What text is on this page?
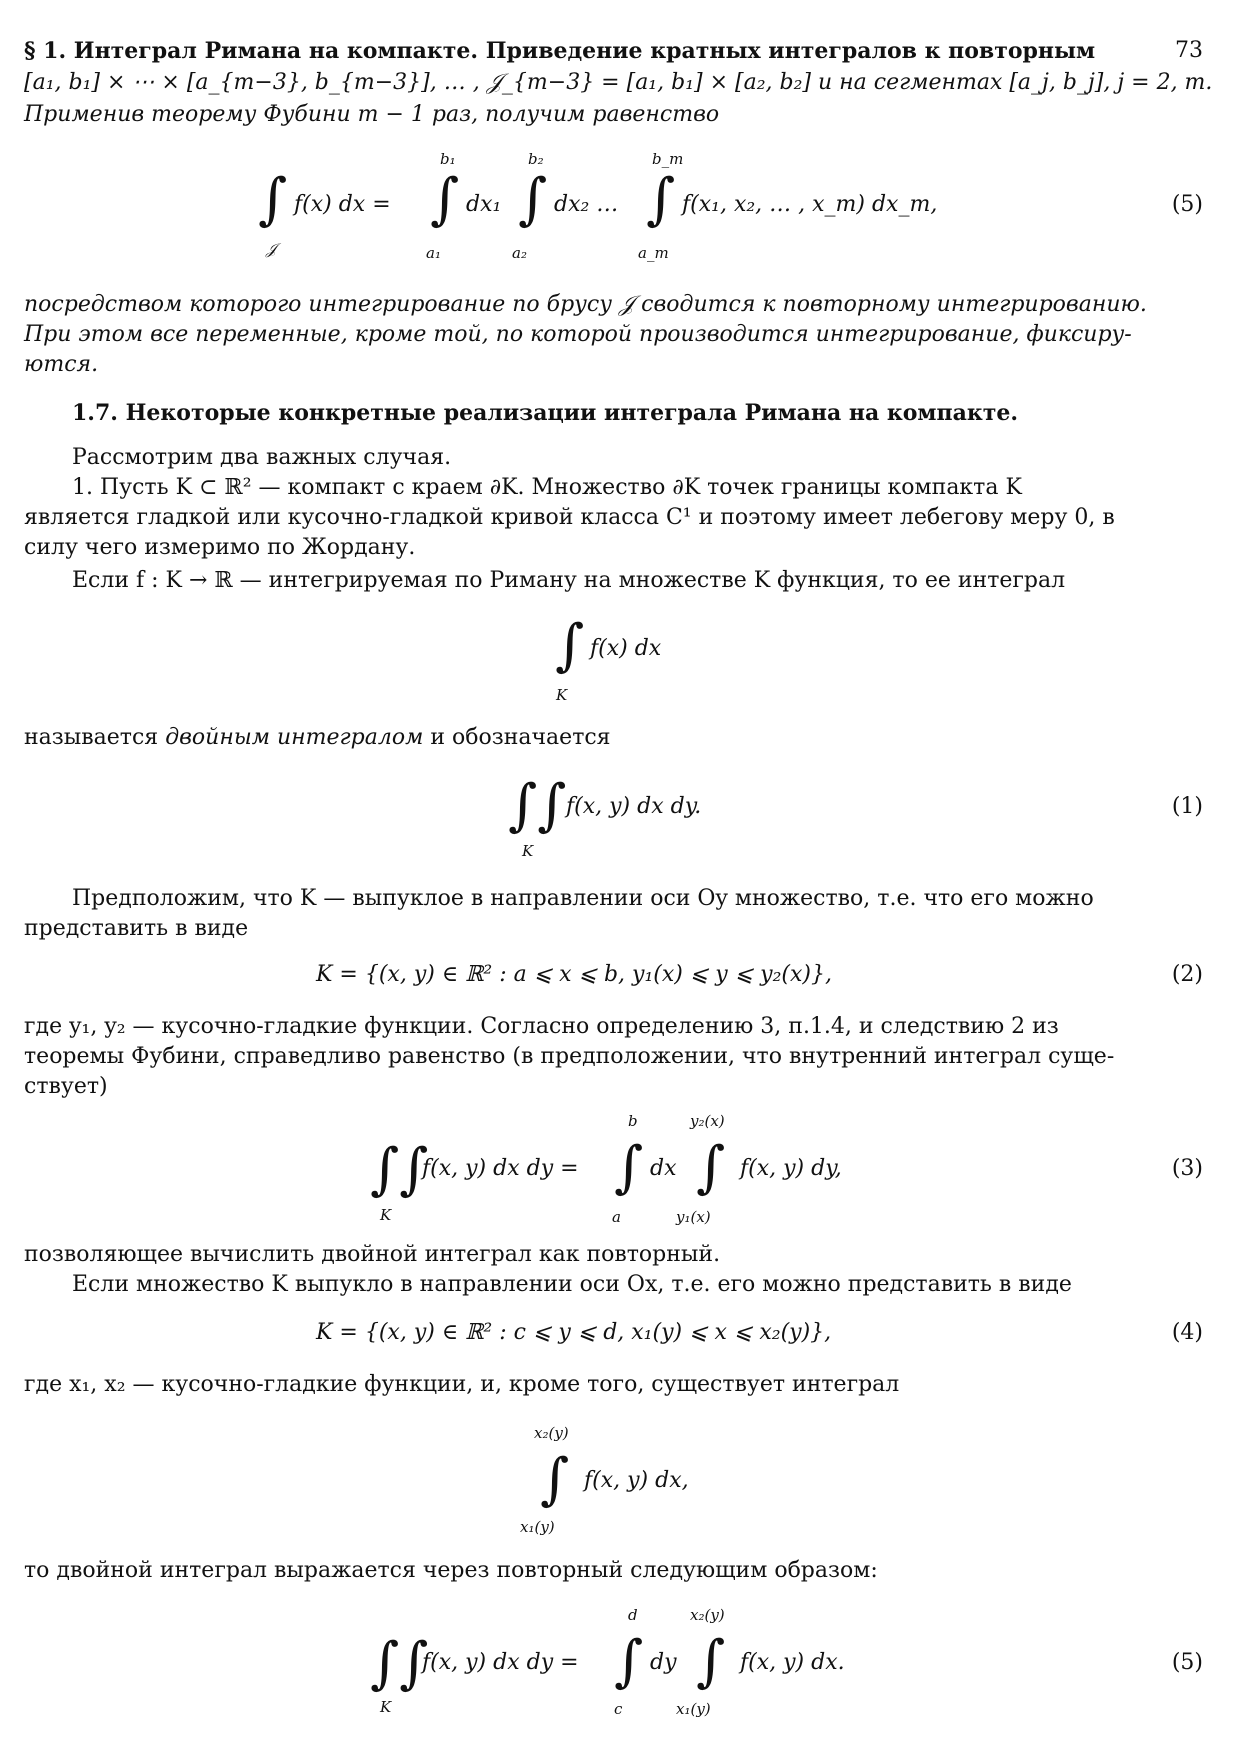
§ 1. Интеграл Римана на компакте. Приведение кратных интегралов к повторным	73
[a₁, b₁] × ⋯ × [a_{m−3}, b_{m−3}], … , 𝒥_{m−3} = [a₁, b₁] × [a₂, b₂] и на сегментах [a_j, b_j], j = 2, m.
Применив теорему Фубини m − 1 раз, получим равенство
∫
𝒥
f(x) dx =
b₁
∫
a₁
dx₁
b₂
∫
a₂
dx₂ …
b_m
∫
a_m
f(x₁, x₂, … , x_m) dx_m,	(5)
посредством которого интегрирование по брусу 𝒥 сводится к повторному интегрированию.
При этом все переменные, кроме той, по которой производится интегрирование, фиксиру-
ются.
1.7. Некоторые конкретные реализации интеграла Римана на компакте.
Рассмотрим два важных случая.
1. Пусть K ⊂ ℝ² — компакт с краем ∂K. Множество ∂K точек границы компакта K
является гладкой или кусочно-гладкой кривой класса C¹ и поэтому имеет лебегову меру 0, в
силу чего измеримо по Жордану.
Если f : K → ℝ — интегрируемая по Риману на множестве K функция, то ее интеграл
∫
K
f(x) dx
называется двойным интегралом и обозначается
∫∫
K
f(x, y) dx dy.	(1)
Предположим, что K — выпуклое в направлении оси Oy множество, т.е. что его можно
представить в виде
K = {(x, y) ∈ ℝ² : a ⩽ x ⩽ b, y₁(x) ⩽ y ⩽ y₂(x)},	(2)
где y₁, y₂ — кусочно-гладкие функции. Согласно определению 3, п.1.4, и следствию 2 из
теоремы Фубини, справедливо равенство (в предположении, что внутренний интеграл суще-
ствует)
∫∫
K
f(x, y) dx dy =
b
∫
a
dx
y₂(x)
∫
y₁(x)
f(x, y) dy,	(3)
позволяющее вычислить двойной интеграл как повторный.
Если множество K выпукло в направлении оси Ox, т.е. его можно представить в виде
K = {(x, y) ∈ ℝ² : c ⩽ y ⩽ d, x₁(y) ⩽ x ⩽ x₂(y)},	(4)
где x₁, x₂ — кусочно-гладкие функции, и, кроме того, существует интеграл
x₂(y)
∫
x₁(y)
f(x, y) dx,
то двойной интеграл выражается через повторный следующим образом:
∫∫
K
f(x, y) dx dy =
d
∫
c
dy
x₂(y)
∫
x₁(y)
f(x, y) dx.	(5)
